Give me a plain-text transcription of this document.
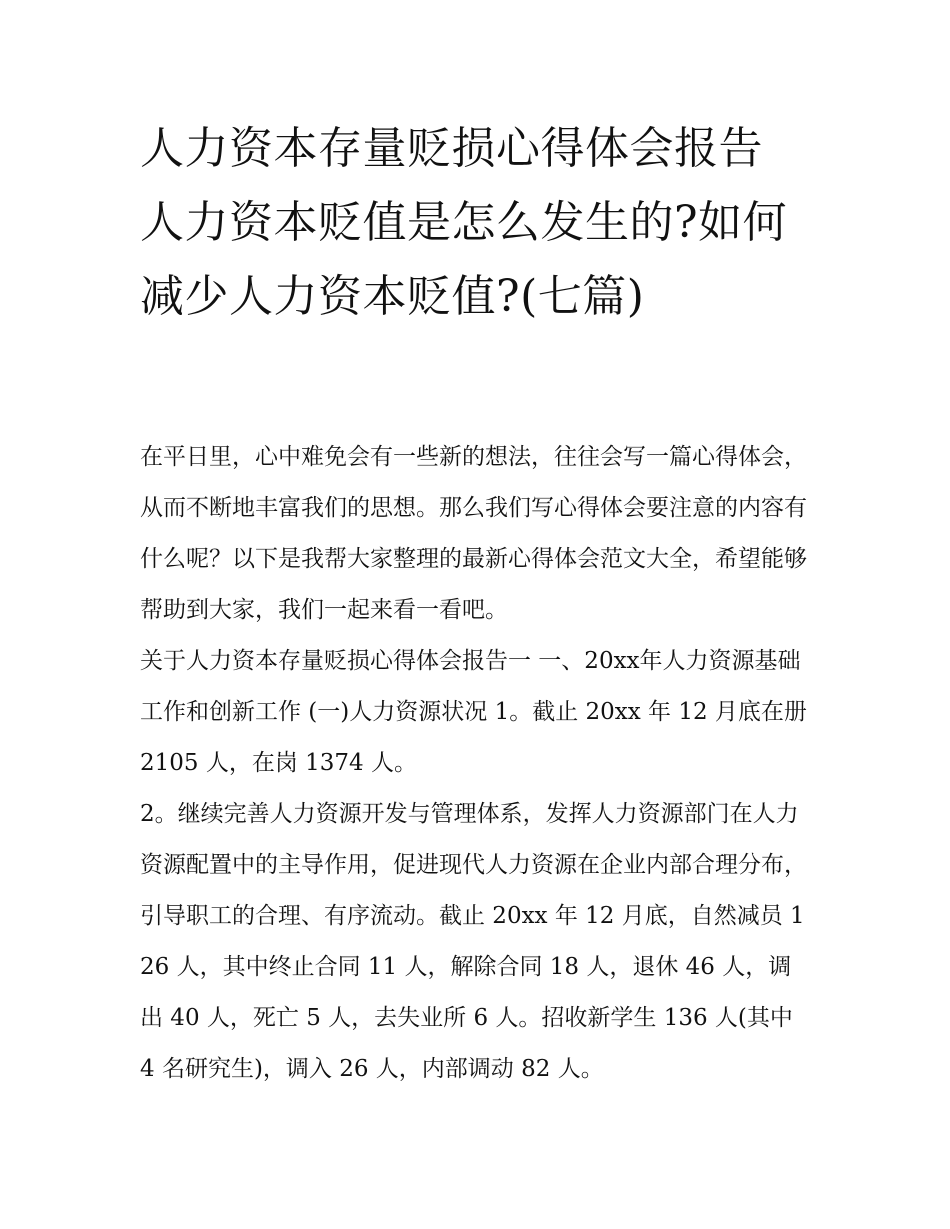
人力资本存量贬损心得体会报告 人力资本贬值是怎么发生的?如何减少人力资本贬值?(七篇)

在平日里，心中难免会有一些新的想法，往往会写一篇心得体会，从而不断地丰富我们的思想。那么我们写心得体会要注意的内容有什么呢？以下是我帮大家整理的最新心得体会范文大全，希望能够帮助到大家，我们一起来看一看吧。

关于人力资本存量贬损心得体会报告一 一、20xx年人力资源基础工作和创新工作 (一)人力资源状况 1。截止 20xx 年 12 月底在册 2105 人，在岗 1374 人。

2。继续完善人力资源开发与管理体系，发挥人力资源部门在人力资源配置中的主导作用，促进现代人力资源在企业内部合理分布，引导职工的合理、有序流动。截止 20xx 年 12 月底，自然减员 126 人，其中终止合同 11 人，解除合同 18 人，退休 46 人，调出 40 人，死亡 5 人，去失业所 6 人。招收新学生 136 人(其中 4 名研究生)，调入 26 人，内部调动 82 人。
